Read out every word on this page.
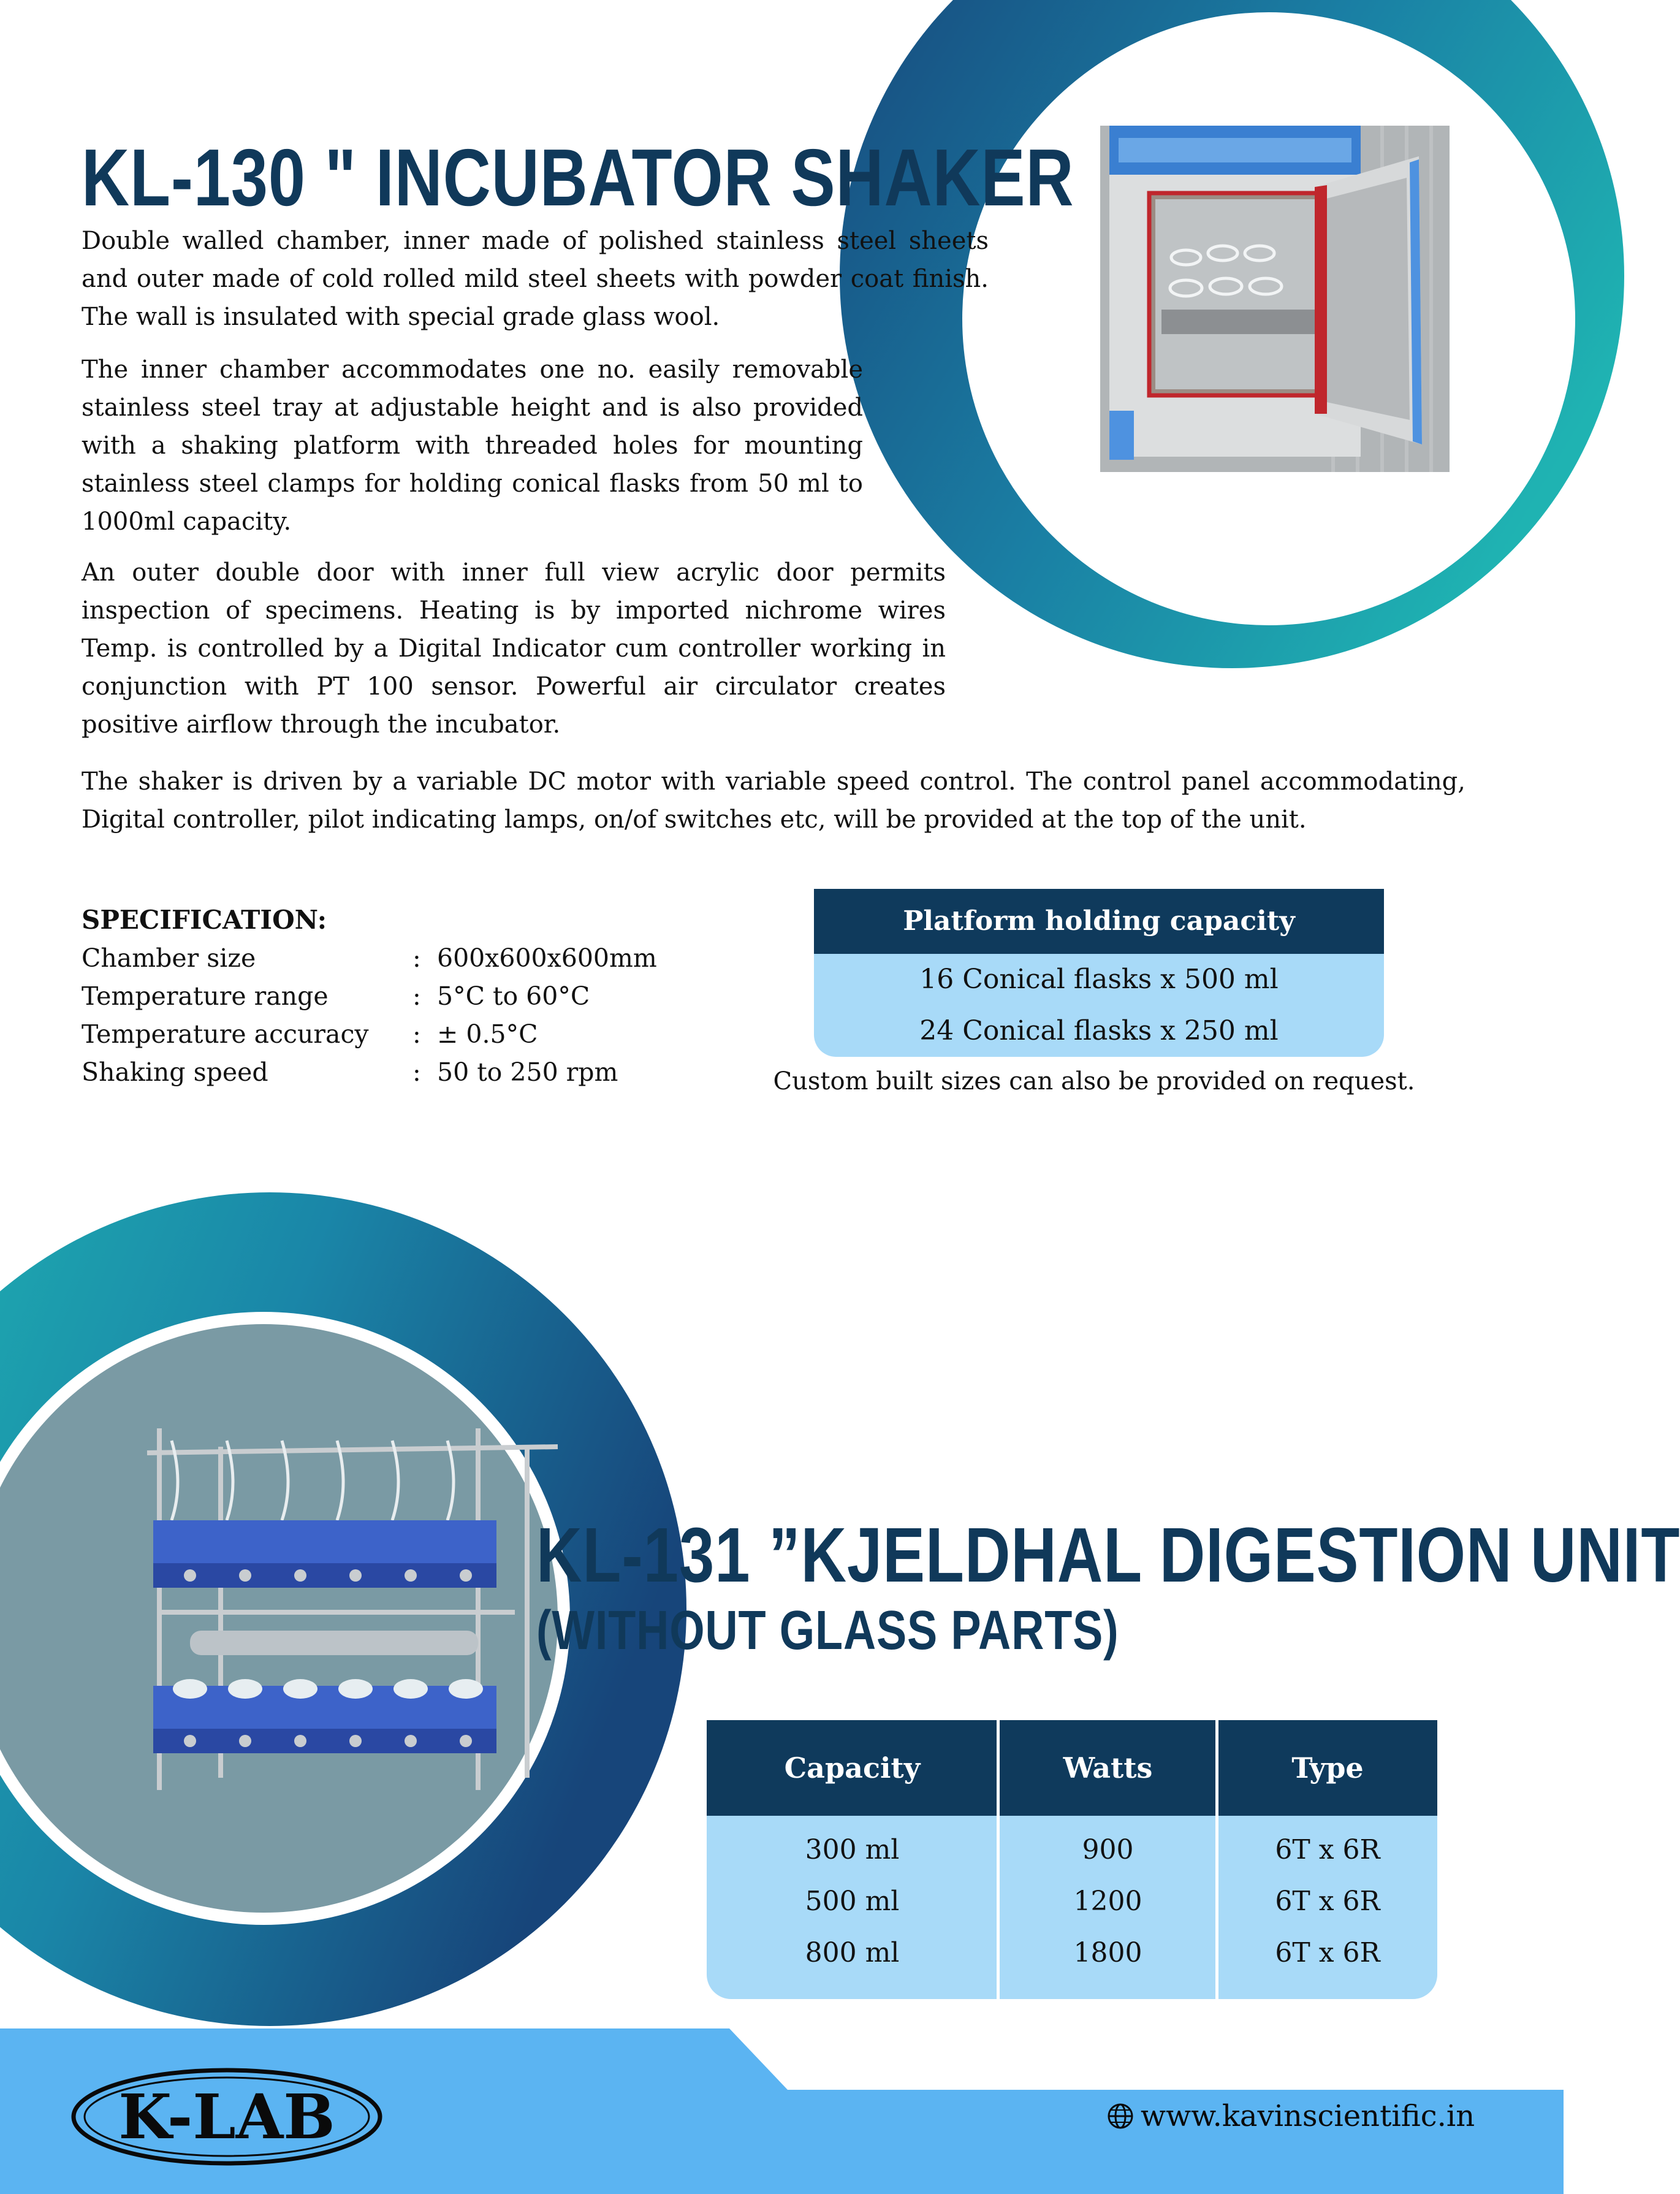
KL-130 " INCUBATOR SHAKER

Double walled chamber, inner made of polished stainless steel sheets and outer made of cold rolled mild steel sheets with powder coat finish. The wall is insulated with special grade glass wool.

The inner chamber accommodates one no. easily removable stainless steel tray at adjustable height and is also provided with a shaking platform with threaded holes for mounting stainless steel clamps for holding conical flasks from 50 ml to 1000ml capacity.

An outer double door with inner full view acrylic door permits inspection of specimens. Heating is by imported nichrome wires Temp. is controlled by a Digital Indicator cum controller working in conjunction with PT 100 sensor. Powerful air circulator creates positive airflow through the incubator.

The shaker is driven by a variable DC motor with variable speed control. The control panel accommodating, Digital controller, pilot indicating lamps, on/of switches etc, will be provided at the top of the unit.

SPECIFICATION:
Chamber size	: 600x600x600mm
Temperature range	: 5°C to 60°C
Temperature accuracy : ± 0.5°C
Shaking speed	: 50 to 250 rpm
Platform holding capacity
16 Conical flasks x 500 ml
24 Conical flasks x 250 ml
Custom built sizes can also be provided on request.
KL-131 ”KJELDHAL DIGESTION UNIT
(WITHOUT GLASS PARTS)
Capacity	Watts	Type
300 ml	900	6T x 6R
500 ml	1200	6T x 6R
800 ml	1800	6T x 6R
K-LAB	www.kavinscientific.in
